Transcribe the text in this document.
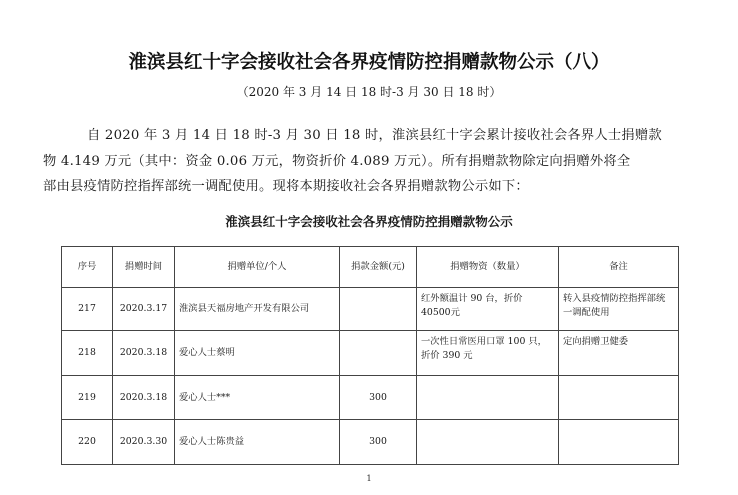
淮滨县红十字会接收社会各界疫情防控捐赠款物公示（八）
（2020 年 3 月 14 日 18 时-3 月 30 日 18 时）

自 2020 年 3 月 14 日 18 时-3 月 30 日 18 时，淮滨县红十字会累计接收社会各界人士捐赠款
物 4.149 万元（其中：资金 0.06 万元，物资折价 4.089 万元）。所有捐赠款物除定向捐赠外将全
部由县疫情防控指挥部统一调配使用。现将本期接收社会各界捐赠款物公示如下：

淮滨县红十字会接收社会各界疫情防控捐赠款物公示
序号	捐赠时间	捐赠单位/个人	捐款金额(元)	捐赠物资（数量）	备注
217	2020.3.17	淮滨县天福房地产开发有限公司		红外额温计 90 台，折价 40500元	转入县疫情防控指挥部统一调配使用
218	2020.3.18	爱心人士蔡明		一次性日常医用口罩 100 只，折价 390 元	定向捐赠卫健委
219	2020.3.18	爱心人士***	300		
220	2020.3.30	爱心人士陈贵益	300		
1
